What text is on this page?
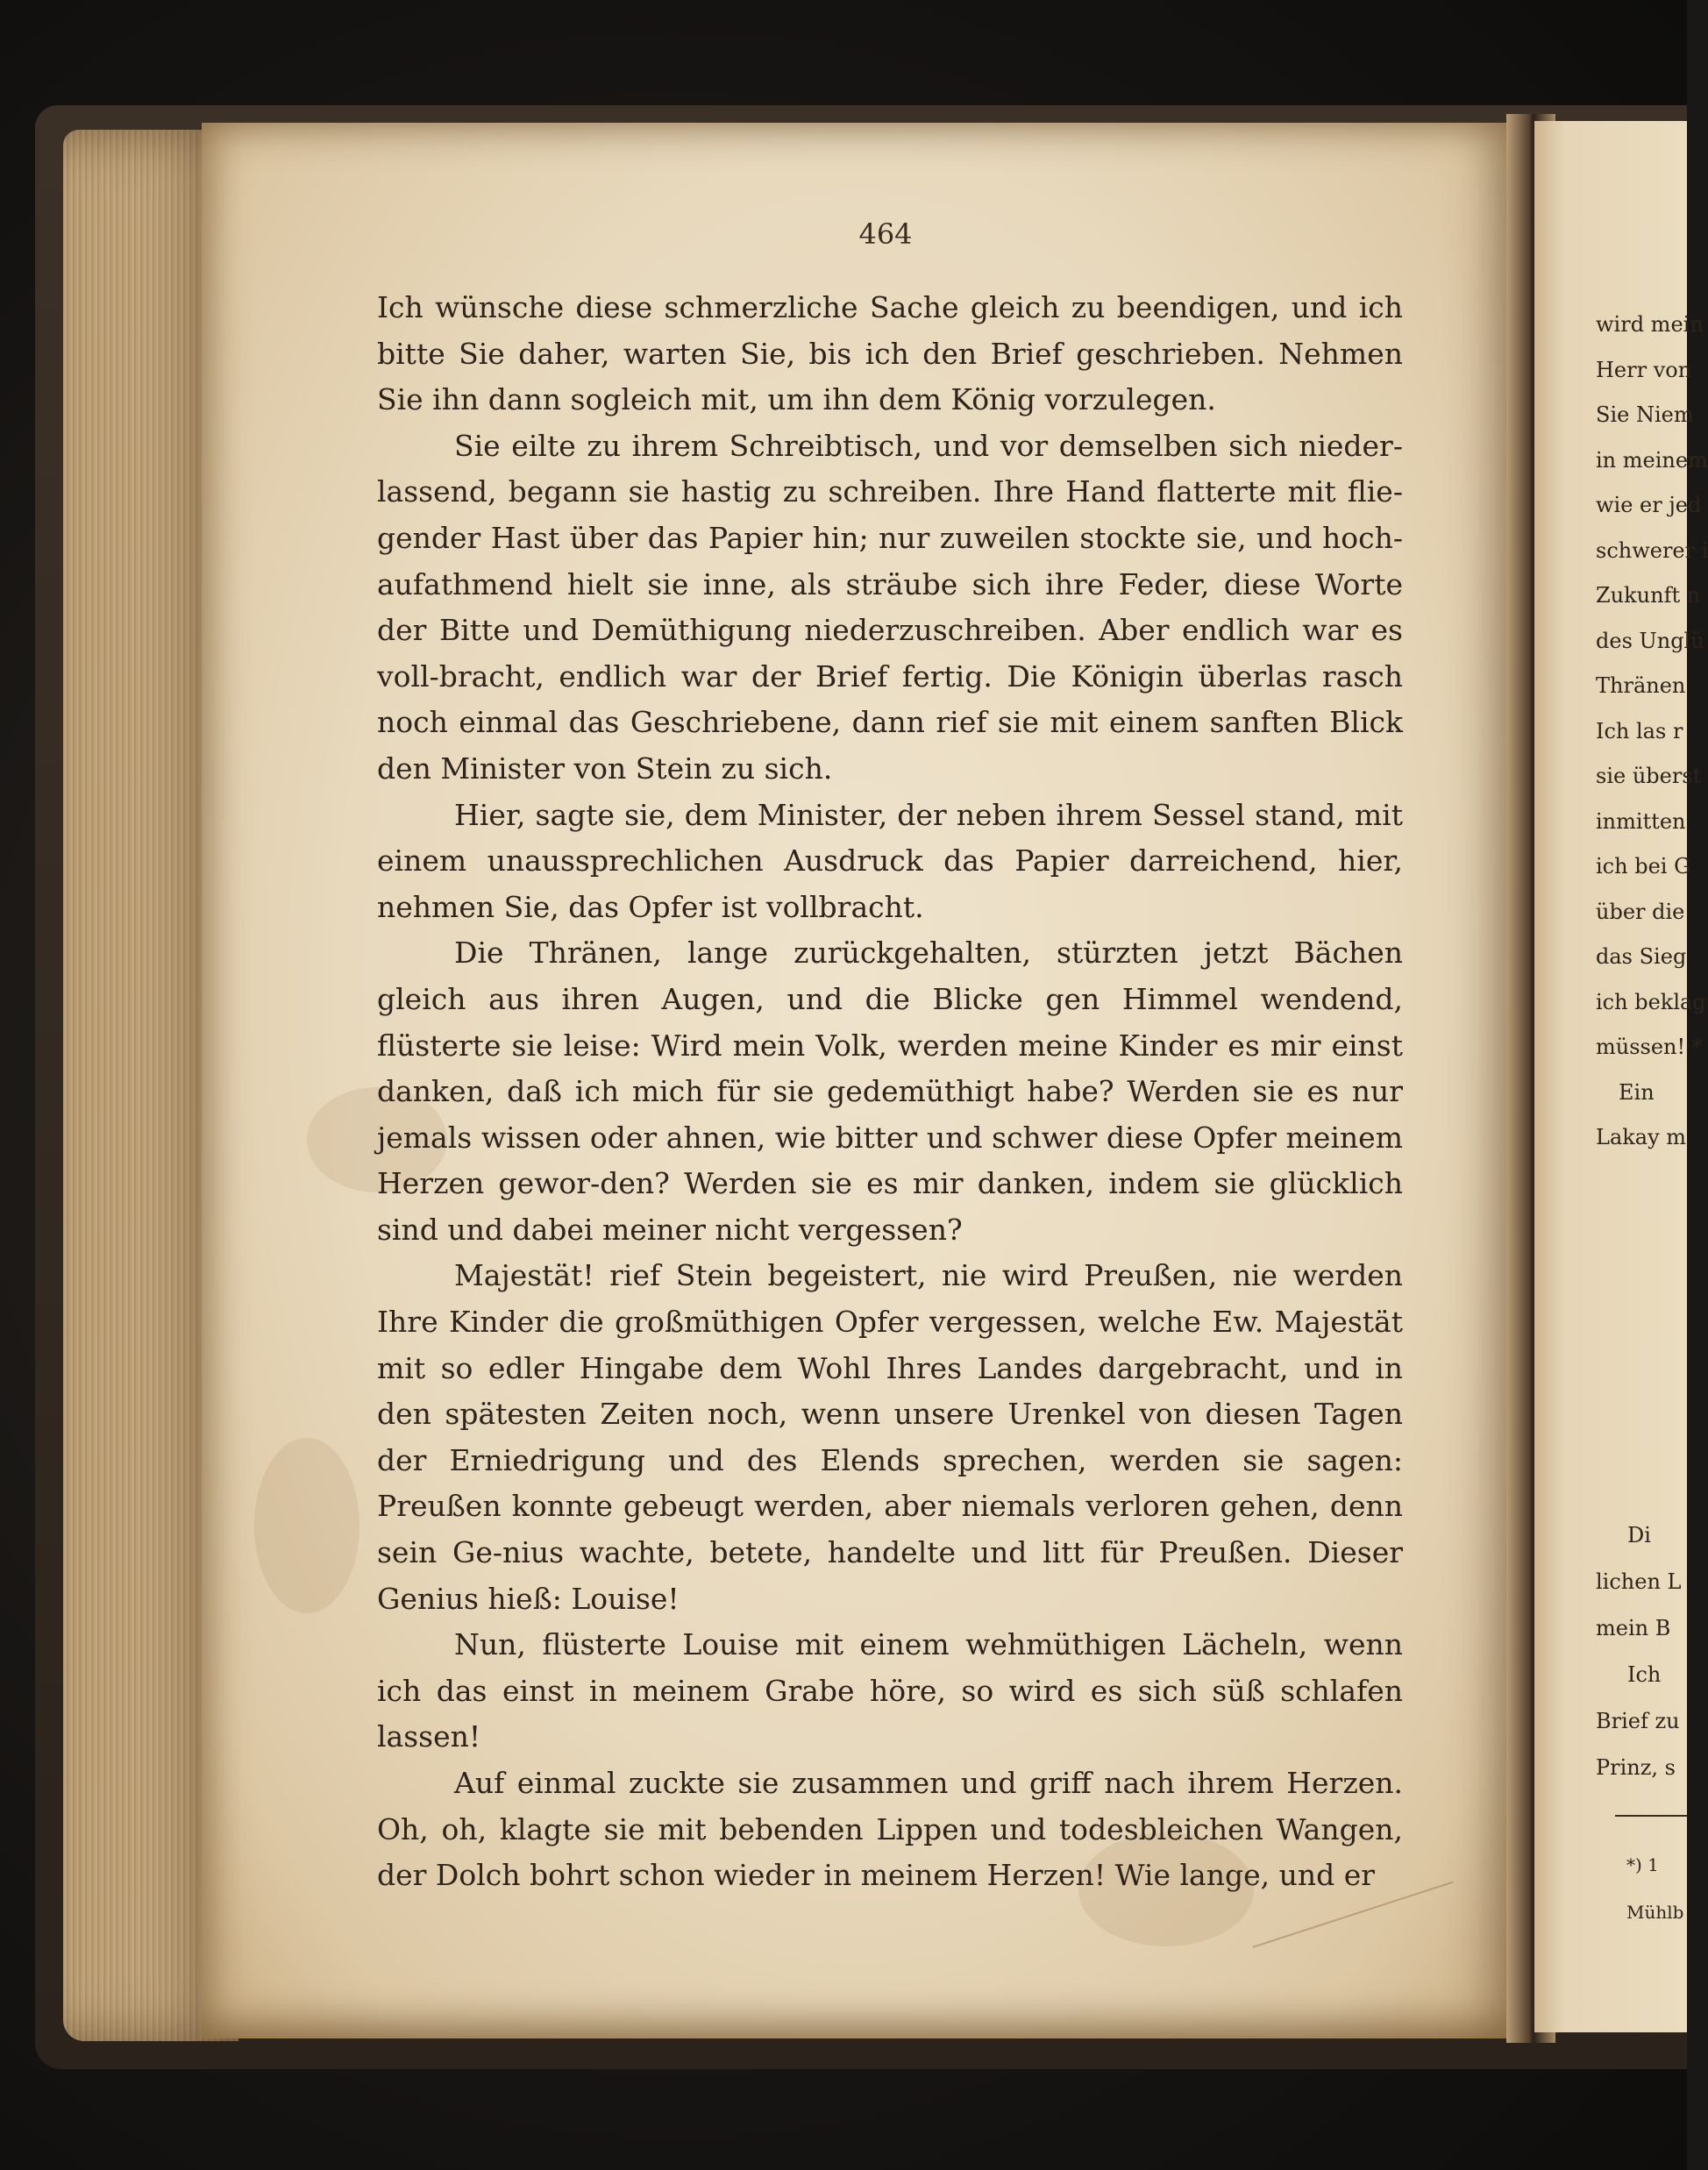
464

Ich wünsche diese schmerzliche Sache gleich zu beendigen, und ich bitte Sie daher, warten Sie, bis ich den Brief geschrieben. Nehmen Sie ihn dann sogleich mit, um ihn dem König vorzulegen.

Sie eilte zu ihrem Schreibtisch, und vor demselben sich nieder-lassend, begann sie hastig zu schreiben. Ihre Hand flatterte mit flie-gender Hast über das Papier hin; nur zuweilen stockte sie, und hoch-aufathmend hielt sie inne, als sträube sich ihre Feder, diese Worte der Bitte und Demüthigung niederzuschreiben. Aber endlich war es voll-bracht, endlich war der Brief fertig. Die Königin überlas rasch noch einmal das Geschriebene, dann rief sie mit einem sanften Blick den Minister von Stein zu sich.

Hier, sagte sie, dem Minister, der neben ihrem Sessel stand, mit einem unaussprechlichen Ausdruck das Papier darreichend, hier, nehmen Sie, das Opfer ist vollbracht.

Die Thränen, lange zurückgehalten, stürzten jetzt Bächen gleich aus ihren Augen, und die Blicke gen Himmel wendend, flüsterte sie leise: Wird mein Volk, werden meine Kinder es mir einst danken, daß ich mich für sie gedemüthigt habe? Werden sie es nur jemals wissen oder ahnen, wie bitter und schwer diese Opfer meinem Herzen gewor-den? Werden sie es mir danken, indem sie glücklich sind und dabei meiner nicht vergessen?

Majestät! rief Stein begeistert, nie wird Preußen, nie werden Ihre Kinder die großmüthigen Opfer vergessen, welche Ew. Majestät mit so edler Hingabe dem Wohl Ihres Landes dargebracht, und in den spätesten Zeiten noch, wenn unsere Urenkel von diesen Tagen der Erniedrigung und des Elends sprechen, werden sie sagen: Preußen konnte gebeugt werden, aber niemals verloren gehen, denn sein Ge-nius wachte, betete, handelte und litt für Preußen. Dieser Genius hieß: Louise!

Nun, flüsterte Louise mit einem wehmüthigen Lächeln, wenn ich das einst in meinem Grabe höre, so wird es sich süß schlafen lassen!

Auf einmal zuckte sie zusammen und griff nach ihrem Herzen. Oh, oh, klagte sie mit bebenden Lippen und todesbleichen Wangen, der Dolch bohrt schon wieder in meinem Herzen! Wie lange, und er

wird mein
Herr von
Sie Niem
in meinem
wie er jed
schwerer i
Zukunft n
des Unglü
Thränen
Ich las r
sie überst
inmitten
ich bei G
über die
das Sieg
ich beklag
müssen! *
Ein
Lakay m
Di
lichen L
mein B
Ich
Brief zu
Prinz, s
*) 1
Mühlb
